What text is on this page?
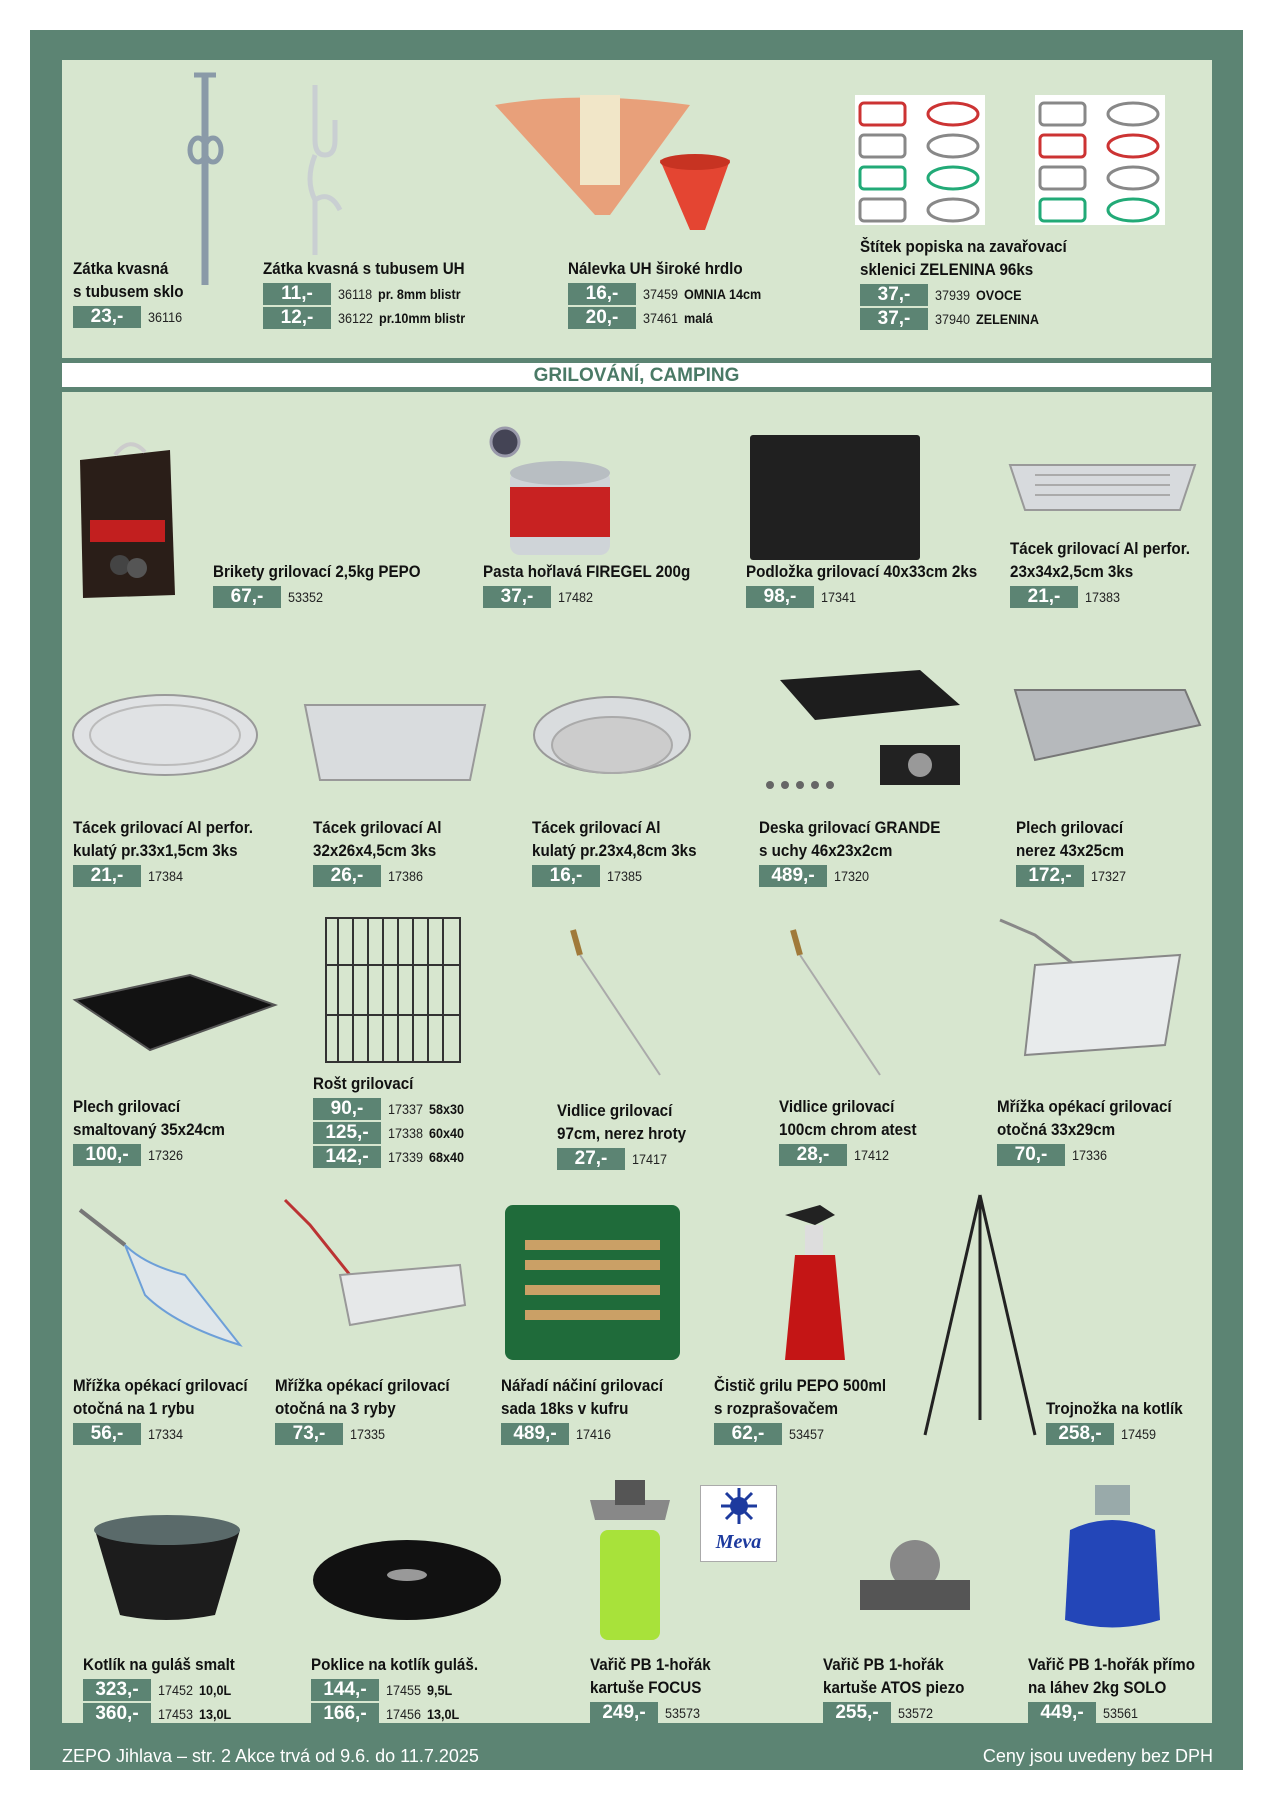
GRILOVÁNÍ, CAMPING
Meva
Zátka kvasná
s tubusem sklo
23,-	36116
Zátka kvasná s tubusem UH
11,-	36118 pr. 8mm blistr
12,-	36122 pr.10mm blistr
Nálevka UH široké hrdlo
16,-	37459 OMNIA 14cm
20,-	37461 malá
Štítek popiska na zavařovací
sklenici ZELENINA 96ks
37,-	37939 OVOCE
37,-	37940 ZELENINA
Brikety grilovací 2,5kg PEPO
67,-	53352
Pasta hořlavá FIREGEL 200g
37,-	17482
Podložka grilovací 40x33cm 2ks
98,-	17341
Tácek grilovací Al perfor.
23x34x2,5cm 3ks
21,-	17383
Tácek grilovací Al perfor.
kulatý pr.33x1,5cm 3ks
21,-	17384
Tácek grilovací Al
32x26x4,5cm 3ks
26,-	17386
Tácek grilovací Al
kulatý pr.23x4,8cm 3ks
16,-	17385
Deska grilovací GRANDE
s uchy 46x23x2cm
489,-	17320
Plech grilovací
nerez 43x25cm
172,-	17327
Plech grilovací
smaltovaný 35x24cm
100,-	17326
Rošt grilovací
90,-	17337 58x30
125,-	17338 60x40
142,-	17339 68x40
Vidlice grilovací
97cm, nerez hroty
27,-	17417
Vidlice grilovací
100cm chrom atest
28,-	17412
Mřížka opékací grilovací
otočná 33x29cm
70,-	17336
Mřížka opékací grilovací
otočná na 1 rybu
56,-	17334
Mřížka opékací grilovací
otočná na 3 ryby
73,-	17335
Nářadí náčiní grilovací
sada 18ks v kufru
489,-	17416
Čistič grilu PEPO 500ml
s rozprašovačem
62,-	53457
Trojnožka na kotlík
258,-	17459
Kotlík na guláš smalt
323,-	17452 10,0L
360,-	17453 13,0L
Poklice na kotlík guláš.
144,-	17455 9,5L
166,-	17456 13,0L
Vařič PB 1-hořák
kartuše FOCUS
249,-	53573
Vařič PB 1-hořák
kartuše ATOS piezo
255,-	53572
Vařič PB 1-hořák přímo
na láhev 2kg SOLO
449,-	53561
ZEPO Jihlava – str. 2 Akce trvá od 9.6. do 11.7.2025	Ceny jsou uvedeny bez DPH
